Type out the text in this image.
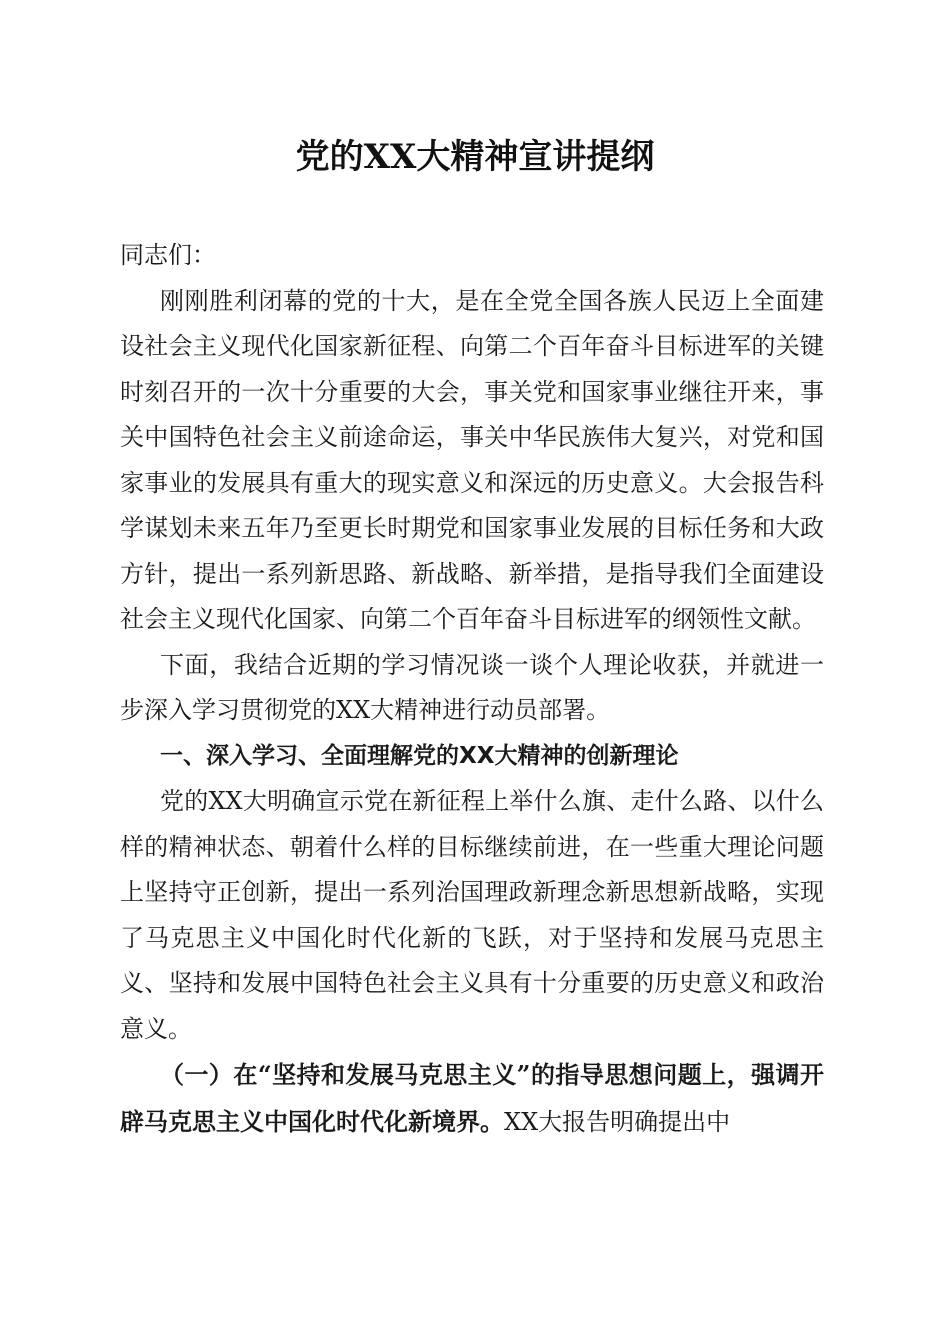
党的XX大精神宣讲提纲

同志们：

刚刚胜利闭幕的党的十大，是在全党全国各族人民迈上全面建设社会主义现代化国家新征程、向第二个百年奋斗目标进军的关键时刻召开的一次十分重要的大会，事关党和国家事业继往开来，事关中国特色社会主义前途命运，事关中华民族伟大复兴，对党和国家事业的发展具有重大的现实意义和深远的历史意义。大会报告科学谋划未来五年乃至更长时期党和国家事业发展的目标任务和大政方针，提出一系列新思路、新战略、新举措，是指导我们全面建设社会主义现代化国家、向第二个百年奋斗目标进军的纲领性文献。

下面，我结合近期的学习情况谈一谈个人理论收获，并就进一步深入学习贯彻党的XX大精神进行动员部署。

一、深入学习、全面理解党的XX大精神的创新理论

党的XX大明确宣示党在新征程上举什么旗、走什么路、以什么样的精神状态、朝着什么样的目标继续前进，在一些重大理论问题上坚持守正创新，提出一系列治国理政新理念新思想新战略，实现了马克思主义中国化时代化新的飞跃，对于坚持和发展马克思主义、坚持和发展中国特色社会主义具有十分重要的历史意义和政治意义。

（一）在“坚持和发展马克思主义”的指导思想问题上，强调开辟马克思主义中国化时代化新境界。XX大报告明确提出中
